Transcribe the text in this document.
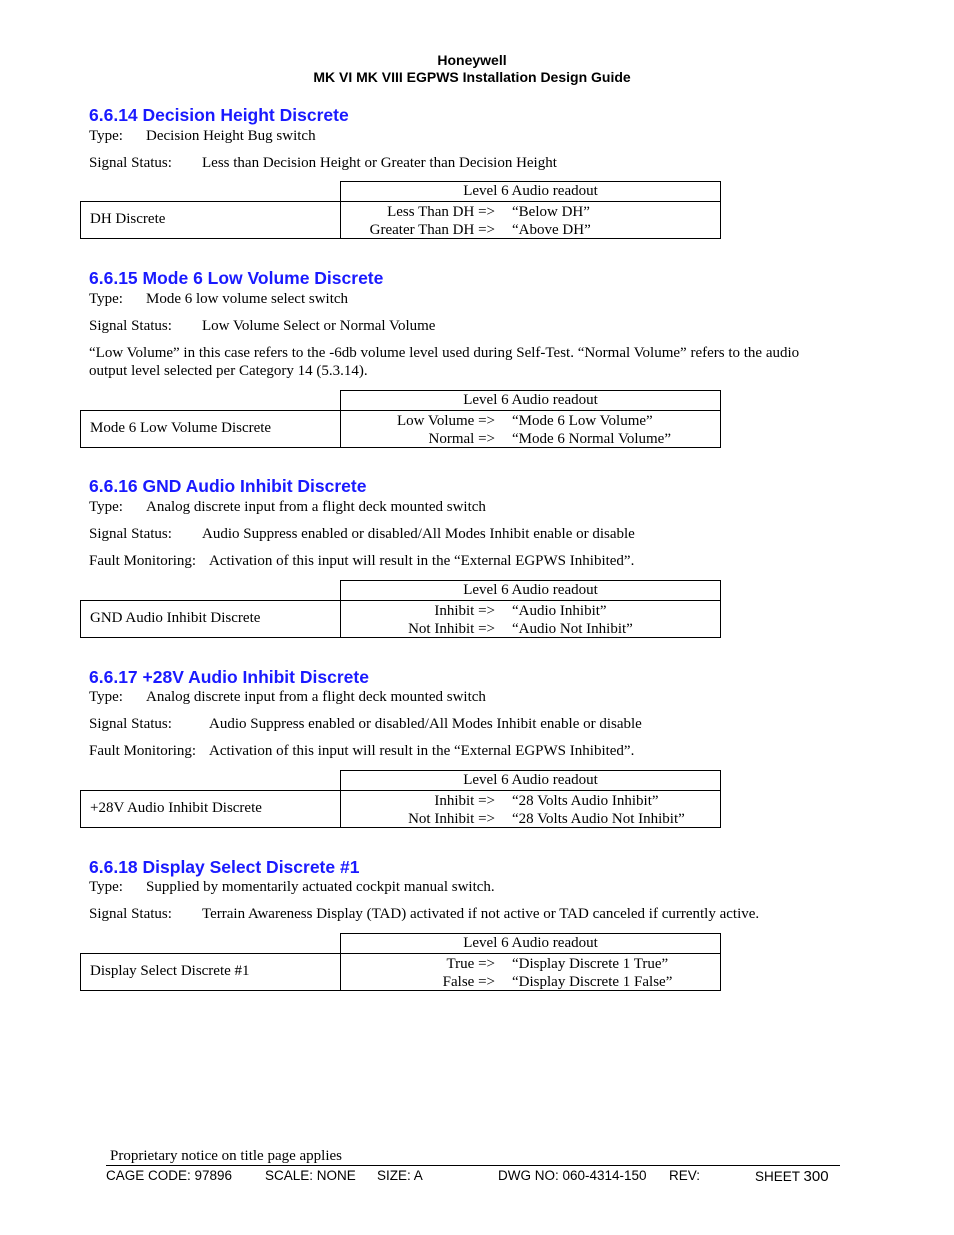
Honeywell
MK VI MK VIII EGPWS Installation Design Guide
6.6.14 Decision Height Discrete
Type: Decision Height Bug switch
Signal Status: Less than Decision Height or Greater than Decision Height
Level 6 Audio readout
DH Discrete	Less Than DH => “Below DH”
Greater Than DH => “Above DH”
6.6.15 Mode 6 Low Volume Discrete
Type: Mode 6 low volume select switch
Signal Status: Low Volume Select or Normal Volume
“Low Volume” in this case refers to the -6db volume level used during Self-Test. “Normal Volume” refers to the audio
output level selected per Category 14 (5.3.14).
Level 6 Audio readout
Mode 6 Low Volume Discrete	Low Volume => “Mode 6 Low Volume”
Normal => “Mode 6 Normal Volume”
6.6.16 GND Audio Inhibit Discrete
Type: Analog discrete input from a flight deck mounted switch
Signal Status: Audio Suppress enabled or disabled/All Modes Inhibit enable or disable
Fault Monitoring: Activation of this input will result in the “External EGPWS Inhibited”.
Level 6 Audio readout
GND Audio Inhibit Discrete	Inhibit => “Audio Inhibit”
Not Inhibit => “Audio Not Inhibit”
6.6.17 +28V Audio Inhibit Discrete
Type: Analog discrete input from a flight deck mounted switch
Signal Status: Audio Suppress enabled or disabled/All Modes Inhibit enable or disable
Fault Monitoring: Activation of this input will result in the “External EGPWS Inhibited”.
Level 6 Audio readout
+28V Audio Inhibit Discrete	Inhibit => “28 Volts Audio Inhibit”
Not Inhibit => “28 Volts Audio Not Inhibit”
6.6.18 Display Select Discrete #1
Type: Supplied by momentarily actuated cockpit manual switch.
Signal Status: Terrain Awareness Display (TAD) activated if not active or TAD canceled if currently active.
Level 6 Audio readout
Display Select Discrete #1	True => “Display Discrete 1 True”
False => “Display Discrete 1 False”
Proprietary notice on title page applies
CAGE CODE: 97896 SCALE: NONE SIZE: A	DWG NO: 060-4314-150 REV:	SHEET 300
